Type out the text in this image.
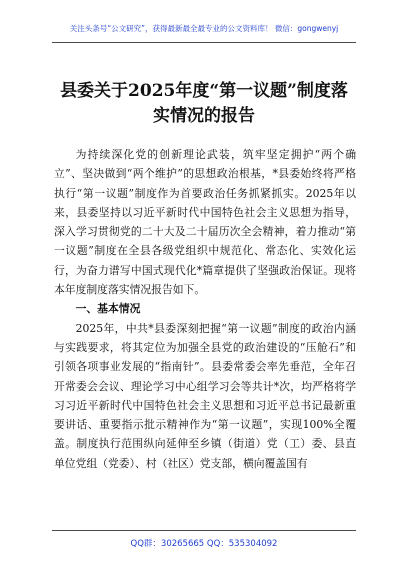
关注头条号“公文研究”，获得最新最全最专业的公文资料库！ 微信：gongwenyj
县委关于2025年度“第一议题”制度落
实情况的报告

为持续深化党的创新理论武装，筑牢坚定拥护“两个确立”、坚决做到“两个维护”的思想政治根基，*县委始终将严格执行“第一议题”制度作为首要政治任务抓紧抓实。2025年以来，县委坚持以习近平新时代中国特色社会主义思想为指导，深入学习贯彻党的二十大及二十届历次全会精神，着力推动“第一议题”制度在全县各级党组织中规范化、常态化、实效化运行，为奋力谱写中国式现代化*篇章提供了坚强政治保证。现将本年度制度落实情况报告如下。

一、基本情况

2025年，中共*县委深刻把握“第一议题”制度的政治内涵与实践要求，将其定位为加强全县党的政治建设的“压舱石”和引领各项事业发展的“指南针”。县委常委会率先垂范，全年召开常委会会议、理论学习中心组学习会等共计*次，均严格将学习习近平新时代中国特色社会主义思想和习近平总书记最新重要讲话、重要指示批示精神作为“第一议题”，实现100%全覆盖。制度执行范围纵向延伸至乡镇（街道）党（工）委、县直单位党组（党委）、村（社区）党支部，横向覆盖国有

QQ群：30265665 QQ：535304092
